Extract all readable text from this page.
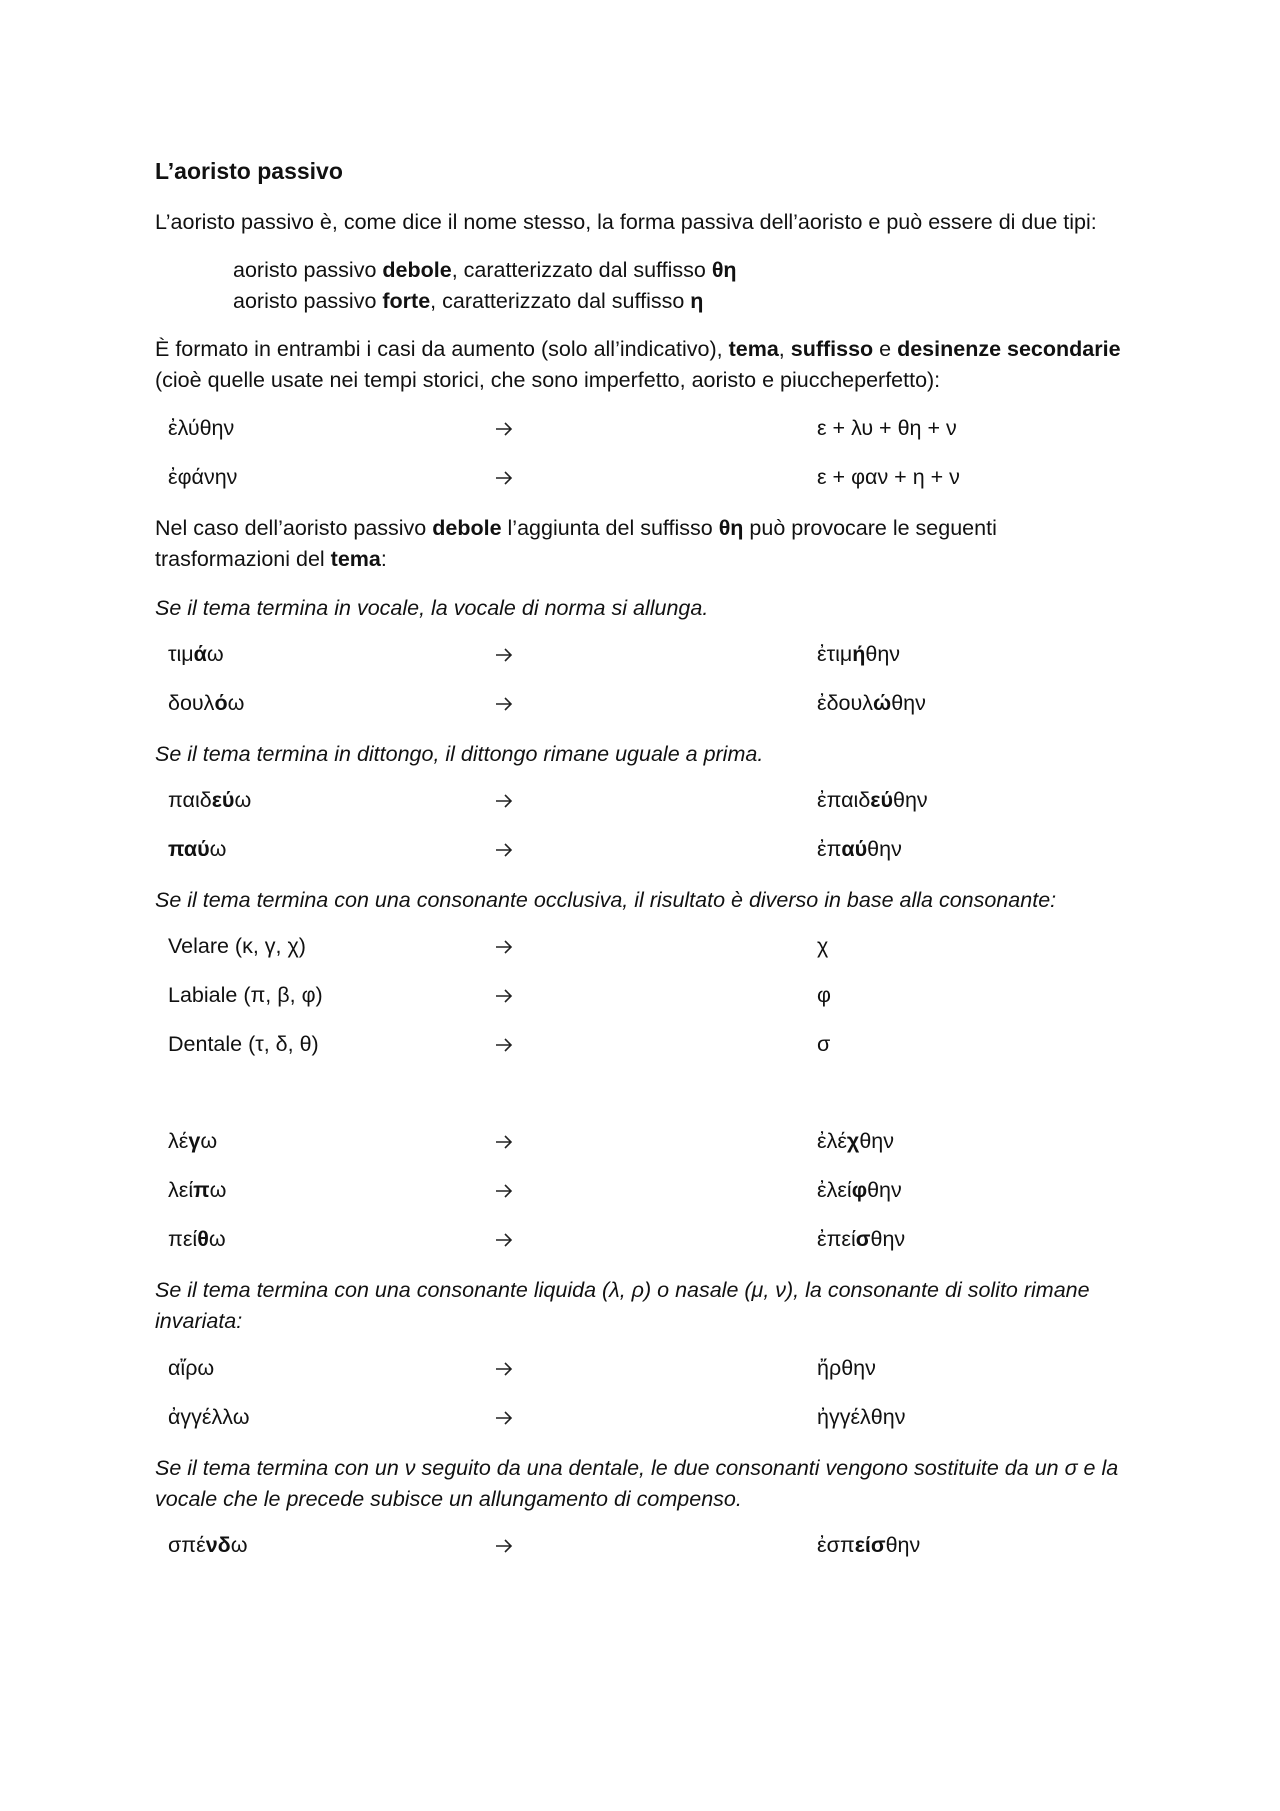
L’aoristo passivo
L’aoristo passivo è, come dice il nome stesso, la forma passiva dell’aoristo e può essere di due tipi:
aoristo passivo debole, caratterizzato dal suffisso θη
aoristo passivo forte, caratterizzato dal suffisso η
È formato in entrambi i casi da aumento (solo all’indicativo), tema, suffisso e desinenze secondarie
(cioè quelle usate nei tempi storici, che sono imperfetto, aoristo e piuccheperfetto):
ἐλύθην	ε + λυ + θη + ν
ἐφάνην	ε + φαν + η + ν
Nel caso dell’aoristo passivo debole l’aggiunta del suffisso θη può provocare le seguenti
trasformazioni del tema:
Se il tema termina in vocale, la vocale di norma si allunga.
τιμάω	ἐτιμήθην
δουλόω	ἐδουλώθην
Se il tema termina in dittongo, il dittongo rimane uguale a prima.
παιδεύω	ἐπαιδεύθην
παύω	ἐπαύθην
Se il tema termina con una consonante occlusiva, il risultato è diverso in base alla consonante:
Velare (κ, γ, χ)	χ
Labiale (π, β, φ)	φ
Dentale (τ, δ, θ)	σ
λέγω	ἐλέχθην
λείπω	ἐλείφθην
πείθω	ἐπείσθην
Se il tema termina con una consonante liquida (λ, ρ) o nasale (μ, ν), la consonante di solito rimane
invariata:
αἴρω	ἤρθην
ἀγγέλλω	ἠγγέλθην
Se il tema termina con un ν seguito da una dentale, le due consonanti vengono sostituite da un σ e la
vocale che le precede subisce un allungamento di compenso.
σπένδω	ἐσπείσθην
